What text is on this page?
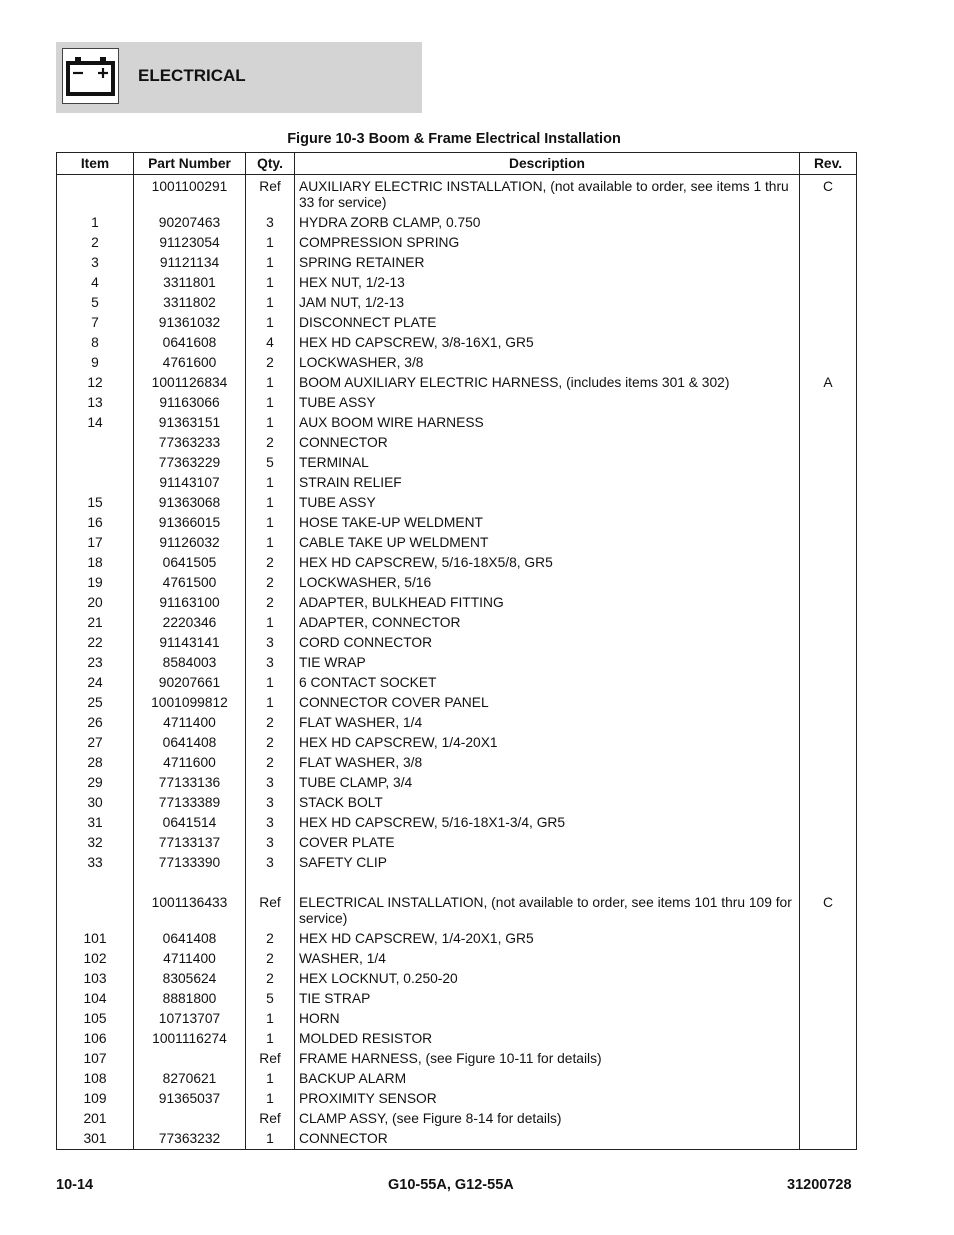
ELECTRICAL
Figure 10-3 Boom & Frame Electrical Installation
Item	Part Number	Qty.	Description	Rev.
	1001100291	Ref	AUXILIARY ELECTRIC INSTALLATION, (not available to order, see items 1 thru 33 for service)	C
1	90207463	3	HYDRA ZORB CLAMP, 0.750	
2	91123054	1	COMPRESSION SPRING	
3	91121134	1	SPRING RETAINER	
4	3311801	1	HEX NUT, 1/2-13	
5	3311802	1	JAM NUT, 1/2-13	
7	91361032	1	DISCONNECT PLATE	
8	0641608	4	HEX HD CAPSCREW, 3/8-16X1, GR5	
9	4761600	2	LOCKWASHER, 3/8	
12	1001126834	1	BOOM AUXILIARY ELECTRIC HARNESS, (includes items 301 & 302)	A
13	91163066	1	TUBE ASSY	
14	91363151	1	AUX BOOM WIRE HARNESS	
	77363233	2	CONNECTOR	
	77363229	5	TERMINAL	
	91143107	1	STRAIN RELIEF	
15	91363068	1	TUBE ASSY	
16	91366015	1	HOSE TAKE-UP WELDMENT	
17	91126032	1	CABLE TAKE UP WELDMENT	
18	0641505	2	HEX HD CAPSCREW, 5/16-18X5/8, GR5	
19	4761500	2	LOCKWASHER, 5/16	
20	91163100	2	ADAPTER, BULKHEAD FITTING	
21	2220346	1	ADAPTER, CONNECTOR	
22	91143141	3	CORD CONNECTOR	
23	8584003	3	TIE WRAP	
24	90207661	1	6 CONTACT SOCKET	
25	1001099812	1	CONNECTOR COVER PANEL	
26	4711400	2	FLAT WASHER, 1/4	
27	0641408	2	HEX HD CAPSCREW, 1/4-20X1	
28	4711600	2	FLAT WASHER, 3/8	
29	77133136	3	TUBE CLAMP, 3/4	
30	77133389	3	STACK BOLT	
31	0641514	3	HEX HD CAPSCREW, 5/16-18X1-3/4, GR5	
32	77133137	3	COVER PLATE	
33	77133390	3	SAFETY CLIP	

	1001136433	Ref	ELECTRICAL INSTALLATION, (not available to order, see items 101 thru 109 for service)	C
101	0641408	2	HEX HD CAPSCREW, 1/4-20X1, GR5	
102	4711400	2	WASHER, 1/4	
103	8305624	2	HEX LOCKNUT, 0.250-20	
104	8881800	5	TIE STRAP	
105	10713707	1	HORN	
106	1001116274	1	MOLDED RESISTOR	
107		Ref	FRAME HARNESS, (see Figure 10-11 for details)	
108	8270621	1	BACKUP ALARM	
109	91365037	1	PROXIMITY SENSOR	
201		Ref	CLAMP ASSY, (see Figure 8-14 for details)	
301	77363232	1	CONNECTOR	
10-14	G10-55A, G12-55A	31200728
